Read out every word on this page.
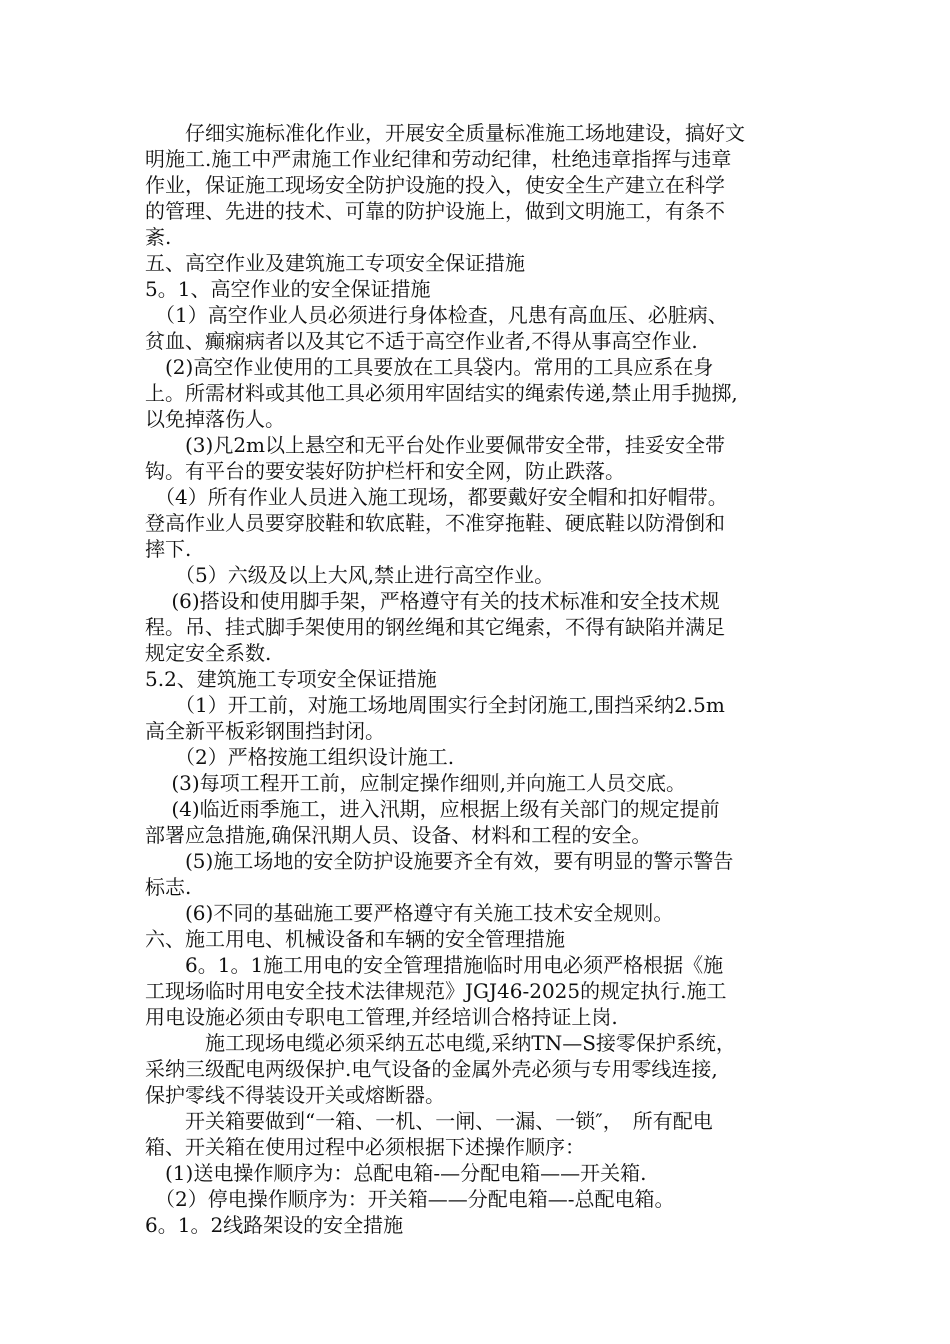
　　仔细实施标准化作业，开展安全质量标准施工场地建设，搞好文
明施工.施工中严肃施工作业纪律和劳动纪律，杜绝违章指挥与违章
作业，保证施工现场安全防护设施的投入，使安全生产建立在科学
的管理、先进的技术、可靠的防护设施上，做到文明施工，有条不
紊.
五、高空作业及建筑施工专项安全保证措施
5。1、高空作业的安全保证措施
　（1）高空作业人员必须进行身体检查，凡患有高血压、必脏病、
贫血、癫痫病者以及其它不适于高空作业者,不得从事高空作业.
　(2)高空作业使用的工具要放在工具袋内。常用的工具应系在身
上。所需材料或其他工具必须用牢固结实的绳索传递,禁止用手抛掷,
以免掉落伤人。
　　(3)凡2m以上悬空和无平台处作业要佩带安全带，挂妥安全带
钩。有平台的要安装好防护栏杆和安全网，防止跌落。
　（4）所有作业人员进入施工现场，都要戴好安全帽和扣好帽带。
登高作业人员要穿胶鞋和软底鞋，不准穿拖鞋、硬底鞋以防滑倒和
摔下.
　　（5）六级及以上大风,禁止进行高空作业。
　 (6)搭设和使用脚手架，严格遵守有关的技术标准和安全技术规
程。吊、挂式脚手架使用的钢丝绳和其它绳索，不得有缺陷并满足
规定安全系数.
5.2、建筑施工专项安全保证措施
　　（1）开工前，对施工场地周围实行全封闭施工,围挡采纳2.5m
高全新平板彩钢围挡封闭。
　　（2）严格按施工组织设计施工.
　 (3)每项工程开工前，应制定操作细则,并向施工人员交底。
　 (4)临近雨季施工，进入汛期，应根据上级有关部门的规定提前
部署应急措施,确保汛期人员、设备、材料和工程的安全。
　　(5)施工场地的安全防护设施要齐全有效，要有明显的警示警告
标志.
　　(6)不同的基础施工要严格遵守有关施工技术安全规则。
六、施工用电、机械设备和车辆的安全管理措施
　　6。1。1施工用电的安全管理措施临时用电必须严格根据《施
工现场临时用电安全技术法律规范》JGJ46-2025的规定执行.施工
用电设施必须由专职电工管理,并经培训合格持证上岗.
　　　施工现场电缆必须采纳五芯电缆,采纳TN—S接零保护系统，
采纳三级配电两级保护.电气设备的金属外壳必须与专用零线连接,
保护零线不得装设开关或熔断器。
　　开关箱要做到“一箱、一机、一闸、一漏、一锁″，　所有配电
箱、开关箱在使用过程中必须根据下述操作顺序：
　(1)送电操作顺序为：总配电箱-—分配电箱——开关箱.
　（2）停电操作顺序为：开关箱——分配电箱—-总配电箱。
6。1。2线路架设的安全措施
